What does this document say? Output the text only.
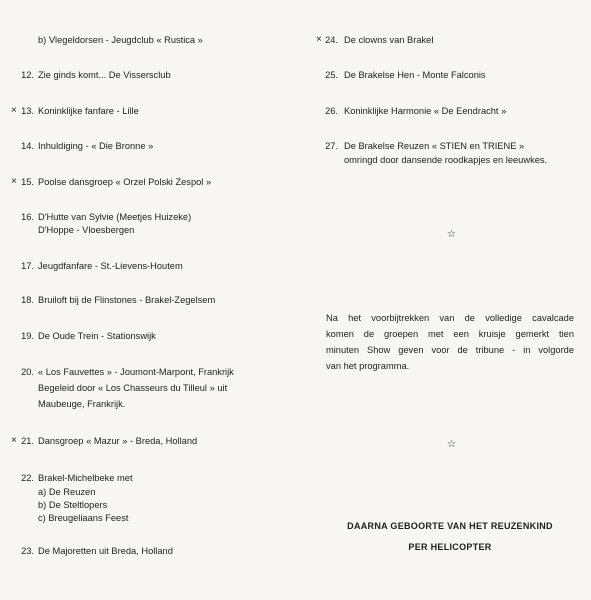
b) Vlegeldorsen - Jeugdclub « Rustica »
12. Zie ginds komt... De Vissersclub
× 13. Koninklijke fanfare - Lille
14. Inhuldiging - « Die Bronne »
× 15. Poolse dansgroep « Orzel Polski Zespol »
16. D'Hutte van Sylvie (Meetjes Huizeke)
D'Hoppe - Vloesbergen
17. Jeugdfanfare - St.-Lievens-Houtem
18. Bruiloft bij de Flinstones - Brakel-Zegelsem
19. De Oude Trein - Stationswijk
20. « Los Fauvettes » - Joumont-Marpont, Frankrijk
Begeleid door « Los Chasseurs du Tilleul » uit
Maubeuge, Frankrijk.
× 21. Dansgroep « Mazur » - Breda, Holland
22. Brakel-Michelbeke met
a) De Reuzen
b) De Steltlopers
c) Breugeliaans Feest
23. De Majoretten uit Breda, Holland
× 24. De clowns van Brakel
25. De Brakelse Hen - Monte Falconis
26. Koninklijke Harmonie « De Eendracht »
27. De Brakelse Reuzen « STIEN en TRIENE »
omringd door dansende roodkapjes en leeuwkes.
☆
Na het voorbijtrekken van de volledige cavalcade
komen de groepen met een kruisje gemerkt tien
minuten Show geven voor de tribune - in volgorde
van het programma.
☆
DAARNA GEBOORTE VAN HET REUZENKIND
PER HELICOPTER
